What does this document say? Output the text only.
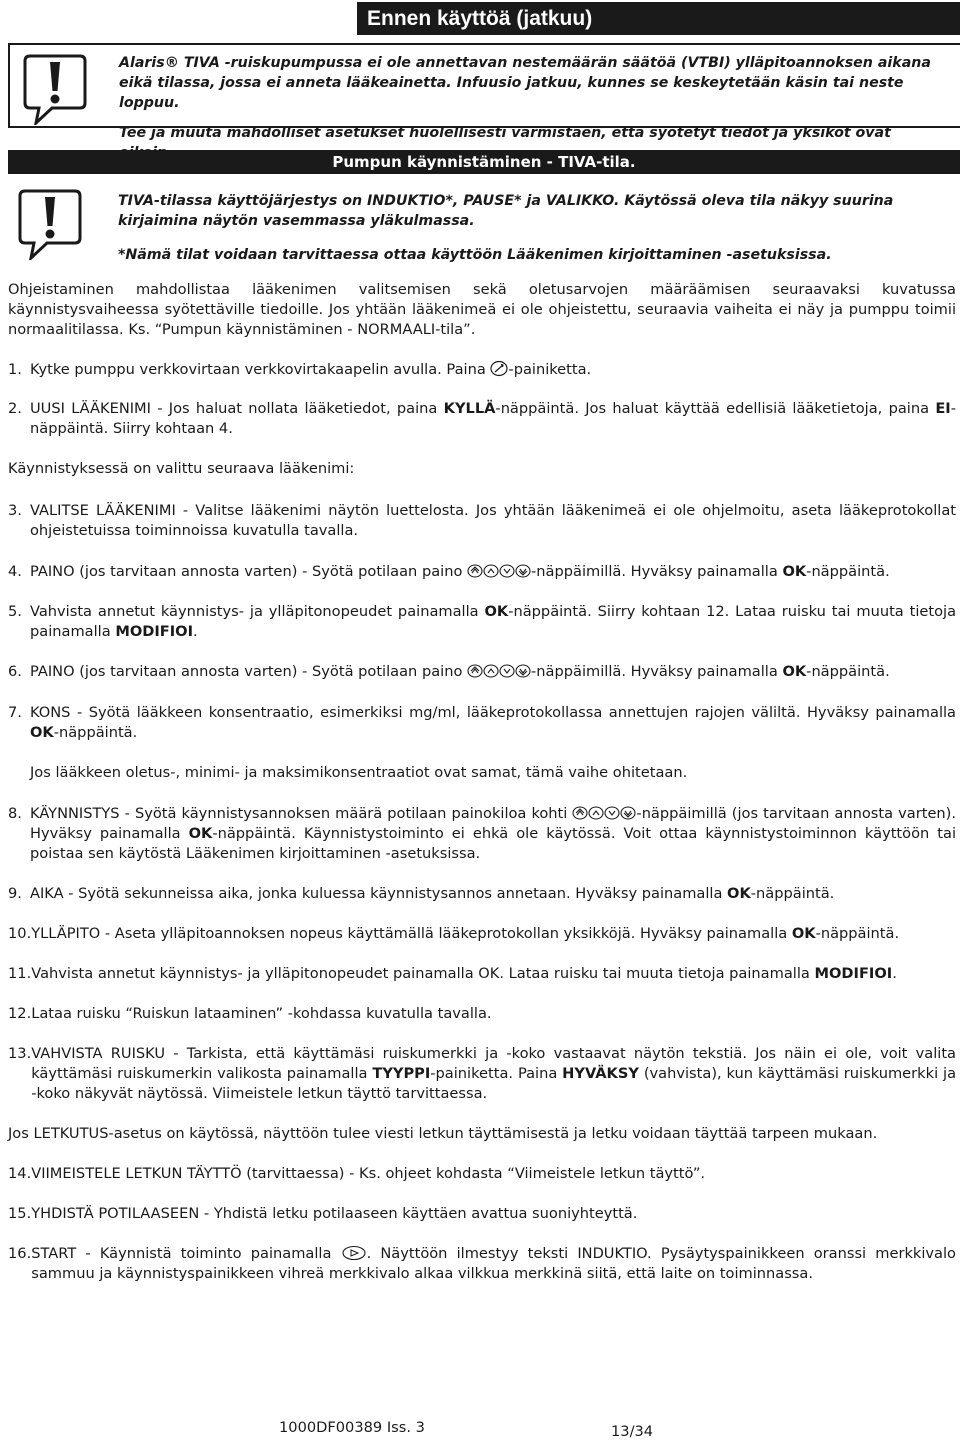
Ennen käyttöä (jatkuu)

Alaris® TIVA -ruiskupumpussa ei ole annettavan nestemäärän säätöä (VTBI) ylläpitoannoksen aikana eikä tilassa, jossa ei anneta lääkeainetta. Infuusio jatkuu, kunnes se keskeytetään käsin tai neste loppuu.

Tee ja muuta mahdolliset asetukset huolellisesti varmistaen, että syötetyt tiedot ja yksiköt ovat

Pumpun käynnistäminen - TIVA-tila.

TIVA-tilassa käyttöjärjestys on INDUKTIO*, PAUSE* ja VALIKKO. Käytössä oleva tila näkyy suurina kirjaimina näytön vasemmassa yläkulmassa.

*Nämä tilat voidaan tarvittaessa ottaa käyttöön Lääkenimen kirjoittaminen -asetuksissa.

Ohjeistaminen mahdollistaa lääkenimen valitsemisen sekä oletusarvojen määräämisen seuraavaksi kuvatussa käynnistysvaiheessa syötettäville tiedoille. Jos yhtään lääkenimeä ei ole ohjeistettu, seuraavia vaiheita ei näy ja pumppu toimii normaalitilassa. Ks. “Pumpun käynnistäminen - NORMAALI-tila”.

1. Kytke pumppu verkkovirtaan verkkovirtakaapelin avulla. Paina -painiketta.
2. UUSI LÄÄKENIMI - Jos haluat nollata lääketiedot, paina KYLLÄ-näppäintä. Jos haluat käyttää edellisiä lääketietoja, paina EI-näppäintä. Siirry kohtaan 4.

Käynnistyksessä on valittu seuraava lääkenimi:

3. VALITSE LÄÄKENIMI - Valitse lääkenimi näytön luettelosta. Jos yhtään lääkenimeä ei ole ohjelmoitu, aseta lääkeprotokollat ohjeistetuissa toiminnoissa kuvatulla tavalla.
4. PAINO (jos tarvitaan annosta varten) - Syötä potilaan paino	-näppäimillä. Hyväksy painamalla OK-näppäintä.
5. Vahvista annetut käynnistys- ja ylläpitonopeudet painamalla OK-näppäintä. Siirry kohtaan 12. Lataa ruisku tai muuta tietoja painamalla MODIFIOI.
6. PAINO (jos tarvitaan annosta varten) - Syötä potilaan paino	-näppäimillä. Hyväksy painamalla OK-näppäintä.
7. KONS - Syötä lääkkeen konsentraatio, esimerkiksi mg/ml, lääkeprotokollassa annettujen rajojen väliltä. Hyväksy painamalla OK-näppäintä.

Jos lääkkeen oletus-, minimi- ja maksimikonsentraatiot ovat samat, tämä vaihe ohitetaan.

8. KÄYNNISTYS - Syötä käynnistysannoksen määrä potilaan painokiloa kohti	-näppäimillä (jos tarvitaan annosta varten). Hyväksy painamalla OK-näppäintä. Käynnistystoiminto ei ehkä ole käytössä. Voit ottaa käynnistystoiminnon käyttöön tai poistaa sen käytöstä Lääkenimen kirjoittaminen -asetuksissa.
9. AIKA - Syötä sekunneissa aika, jonka kuluessa käynnistysannos annetaan. Hyväksy painamalla OK-näppäintä.
10. YLLÄPITO - Aseta ylläpitoannoksen nopeus käyttämällä lääkeprotokollan yksikköjä. Hyväksy painamalla OK-näppäintä.
11. Vahvista annetut käynnistys- ja ylläpitonopeudet painamalla OK. Lataa ruisku tai muuta tietoja painamalla MODIFIOI.
12. Lataa ruisku “Ruiskun lataaminen” -kohdassa kuvatulla tavalla.
13. VAHVISTA RUISKU - Tarkista, että käyttämäsi ruiskumerkki ja -koko vastaavat näytön tekstiä. Jos näin ei ole, voit valita käyttämäsi ruiskumerkin valikosta painamalla TYYPPI-painiketta. Paina HYVÄKSY (vahvista), kun käyttämäsi ruiskumerkki ja -koko näkyvät näytössä. Viimeistele letkun täyttö tarvittaessa.

Jos LETKUTUS-asetus on käytössä, näyttöön tulee viesti letkun täyttämisestä ja letku voidaan täyttää tarpeen mukaan.

14. VIIMEISTELE LETKUN TÄYTTÖ (tarvittaessa) - Ks. ohjeet kohdasta “Viimeistele letkun täyttö”.
15. YHDISTÄ POTILAASEEN - Yhdistä letku potilaaseen käyttäen avattua suoniyhteyttä.
16. START - Käynnistä toiminto painamalla . Näyttöön ilmestyy teksti INDUKTIO. Pysäytyspainikkeen oranssi merkkivalo sammuu ja käynnistyspainikkeen vihreä merkkivalo alkaa vilkkua merkkinä siitä, että laite on toiminnassa.
1000DF00389 Iss. 3	13/34
